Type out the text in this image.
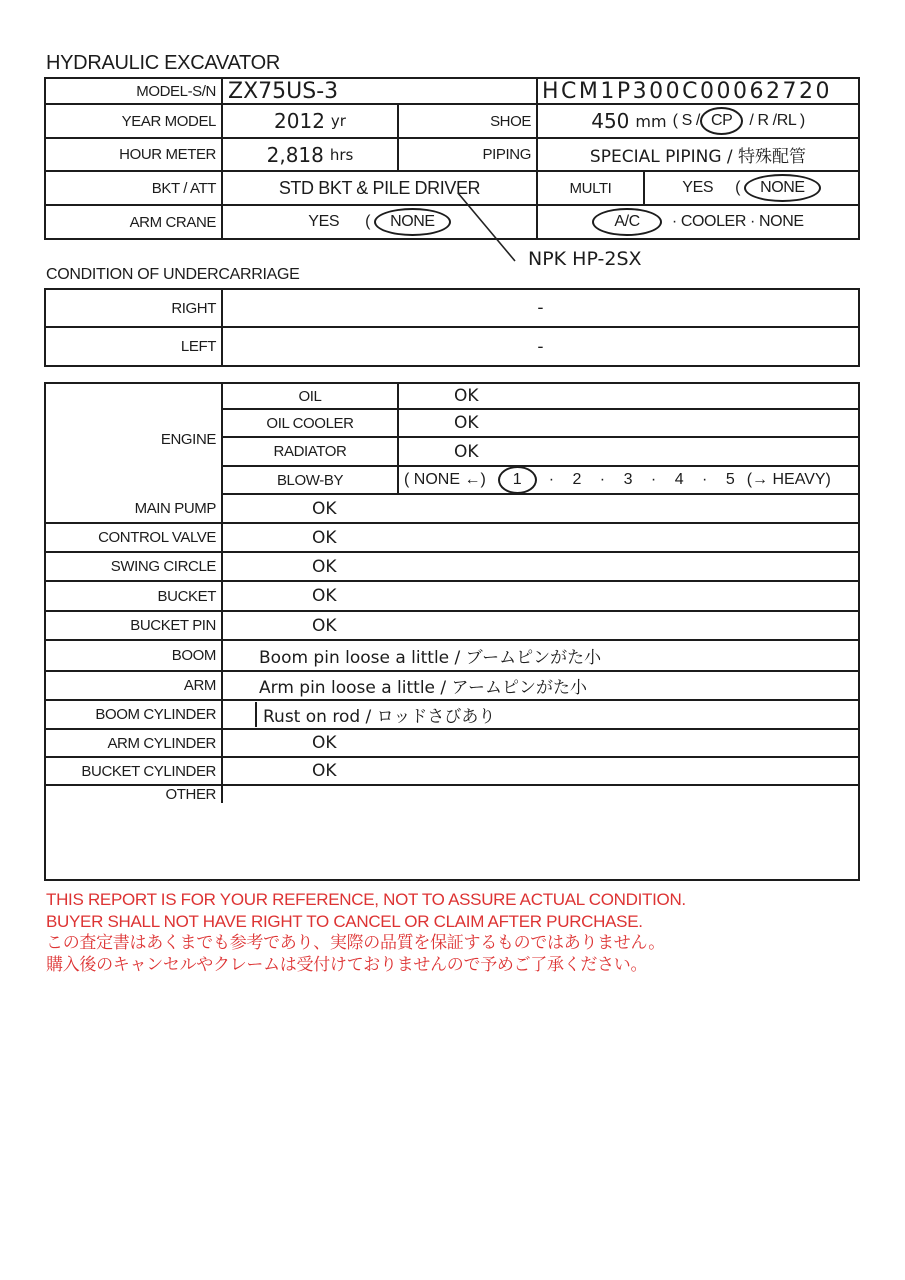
HYDRAULIC EXCAVATOR
MODEL-S/N ZX75US-3	HCM1P300C00062720
YEAR MODEL	2012 yr	SHOE	450 mm ( S / CP	/ R /RL )
HOUR METER	2,818 hrs	PIPING	SPECIAL PIPING / 特殊配管
BKT / ATT	STD BKT & PILE DRIVER	MULTI	YES (	NONE
ARM CRANE	YES (	NONE	A/C	· COOLER · NONE
NPK HP-2SX
CONDITION OF UNDERCARRIAGE
RIGHT	-
LEFT	-
ENGINE
OIL	OK
OIL COOLER	OK
RADIATOR	OK
BLOW-BY	( NONE ←)	1	· 2 · 3 · 4 · 5 (→ HEAVY)
MAIN PUMP	OK
CONTROL VALVE	OK
SWING CIRCLE	OK
BUCKET	OK
BUCKET PIN	OK
BOOM	Boom pin loose a little / ブームピンがた小
ARM	Arm pin loose a little / アームピンがた小
BOOM CYLINDER	Rust on rod / ロッドさびあり
ARM CYLINDER	OK
BUCKET CYLINDER	OK
OTHER
THIS REPORT IS FOR YOUR REFERENCE, NOT TO ASSURE ACTUAL CONDITION.
BUYER SHALL NOT HAVE RIGHT TO CANCEL OR CLAIM AFTER PURCHASE.
この査定書はあくまでも参考であり、実際の品質を保証するものではありません。
購入後のキャンセルやクレームは受付けておりませんので予めご了承ください。
